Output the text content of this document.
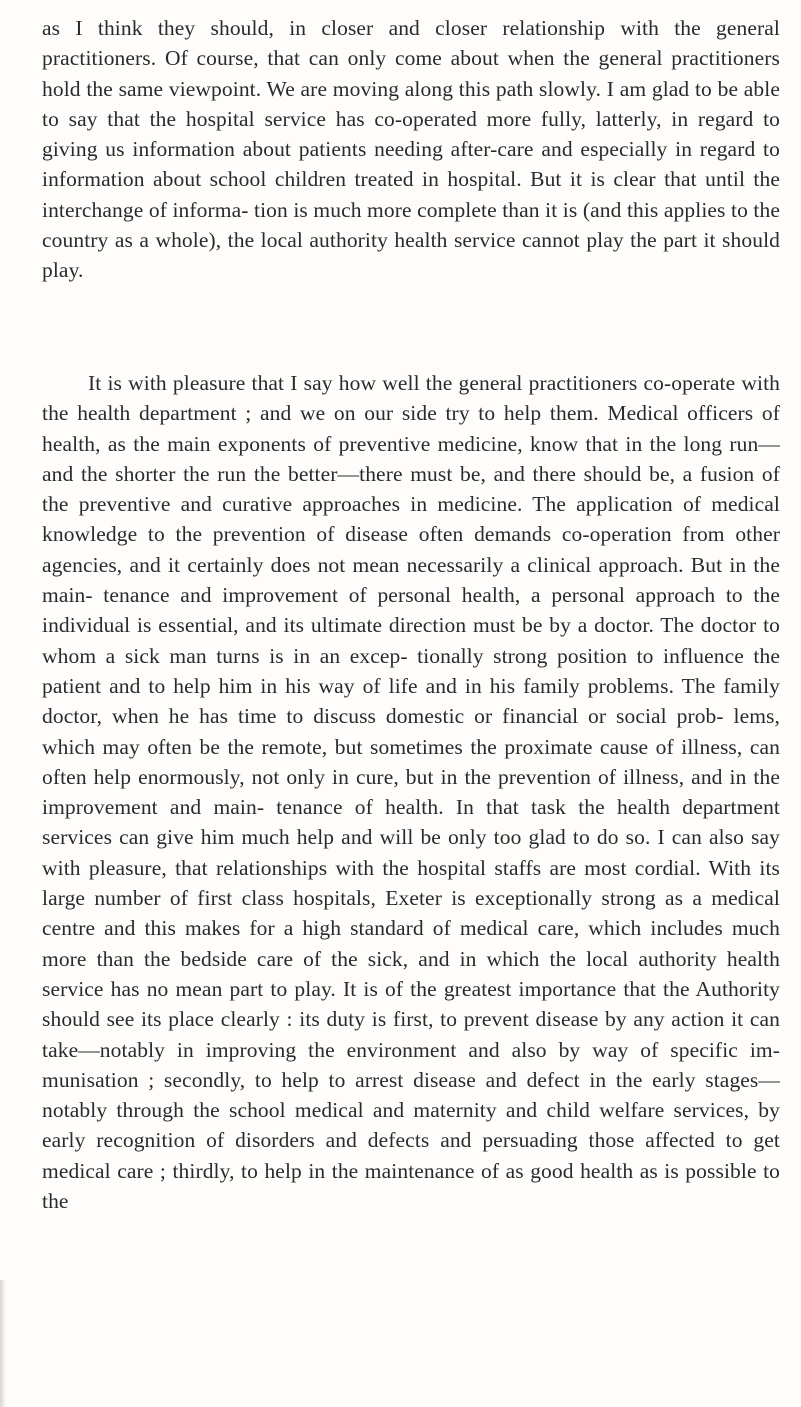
as I think they should, in closer and closer relationship with the general practitioners. Of course, that can only come about when the general practitioners hold the same viewpoint. We are moving along this path slowly. I am glad to be able to say that the hospital service has co-operated more fully, latterly, in regard to giving us information about patients needing after-care and especially in regard to information about school children treated in hospital. But it is clear that until the interchange of informa- tion is much more complete than it is (and this applies to the country as a whole), the local authority health service cannot play the part it should play.
It is with pleasure that I say how well the general practitioners co-operate with the health department ; and we on our side try to help them. Medical officers of health, as the main exponents of preventive medicine, know that in the long run—and the shorter the run the better—there must be, and there should be, a fusion of the preventive and curative approaches in medicine. The application of medical knowledge to the prevention of disease often demands co-operation from other agencies, and it certainly does not mean necessarily a clinical approach. But in the main- tenance and improvement of personal health, a personal approach to the individual is essential, and its ultimate direction must be by a doctor. The doctor to whom a sick man turns is in an excep- tionally strong position to influence the patient and to help him in his way of life and in his family problems. The family doctor, when he has time to discuss domestic or financial or social prob- lems, which may often be the remote, but sometimes the proximate cause of illness, can often help enormously, not only in cure, but in the prevention of illness, and in the improvement and main- tenance of health. In that task the health department services can give him much help and will be only too glad to do so. I can also say with pleasure, that relationships with the hospital staffs are most cordial. With its large number of first class hospitals, Exeter is exceptionally strong as a medical centre and this makes for a high standard of medical care, which includes much more than the bedside care of the sick, and in which the local authority health service has no mean part to play. It is of the greatest importance that the Authority should see its place clearly : its duty is first, to prevent disease by any action it can take—notably in improving the environment and also by way of specific im- munisation ; secondly, to help to arrest disease and defect in the early stages—notably through the school medical and maternity and child welfare services, by early recognition of disorders and defects and persuading those affected to get medical care ; thirdly, to help in the maintenance of as good health as is possible to the
